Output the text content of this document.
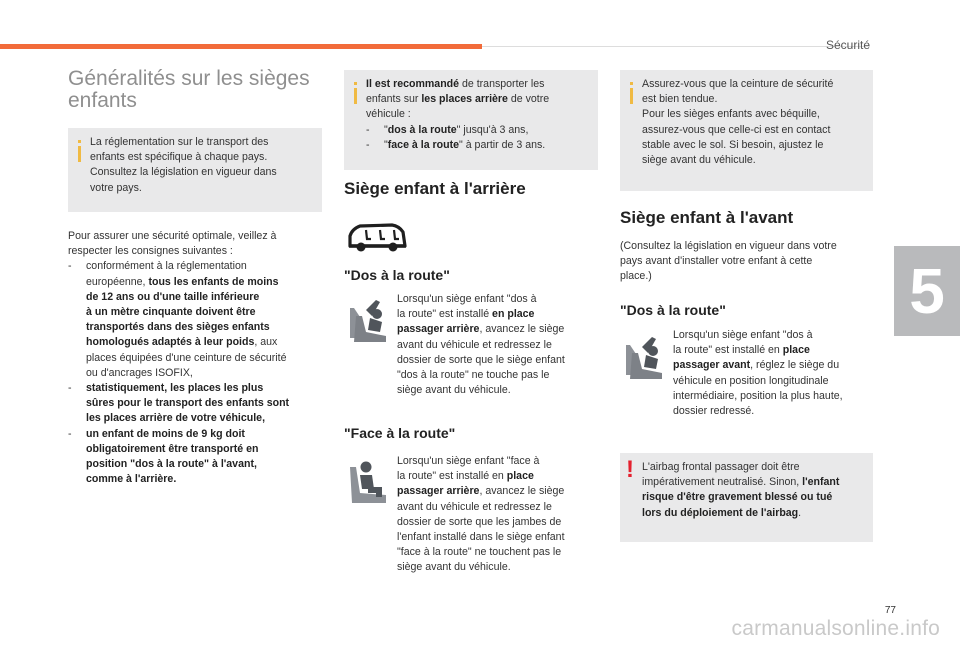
Sécurité
5
Généralités sur les sièges
enfants
La réglementation sur le transport des
enfants est spécifique à chaque pays.
Consultez la législation en vigueur dans
votre pays.
Pour assurer une sécurité optimale, veillez à
respecter les consignes suivantes :
- conformément à la réglementation
européenne, tous les enfants de moins
de 12 ans ou d'une taille inférieure
à un mètre cinquante doivent être
transportés dans des sièges enfants
homologués adaptés à leur poids, aux
places équipées d'une ceinture de sécurité
ou d'ancrages ISOFIX,
- statistiquement, les places les plus
sûres pour le transport des enfants sont
les places arrière de votre véhicule,
- un enfant de moins de 9 kg doit
obligatoirement être transporté en
position "dos à la route" à l'avant,
comme à l'arrière.
Il est recommandé de transporter les
enfants sur les places arrière de votre
véhicule :
- "dos à la route" jusqu'à 3 ans,
- "face à la route" à partir de 3 ans.
Siège enfant à l'arrière
"Dos à la route"
Lorsqu'un siège enfant "dos à
la route" est installé en place
passager arrière, avancez le siège
avant du véhicule et redressez le
dossier de sorte que le siège enfant
"dos à la route" ne touche pas le
siège avant du véhicule.
"Face à la route"
Lorsqu'un siège enfant "face à
la route" est installé en place
passager arrière, avancez le siège
avant du véhicule et redressez le
dossier de sorte que les jambes de
l'enfant installé dans le siège enfant
"face à la route" ne touchent pas le
siège avant du véhicule.
Assurez-vous que la ceinture de sécurité
est bien tendue.
Pour les sièges enfants avec béquille,
assurez-vous que celle-ci est en contact
stable avec le sol. Si besoin, ajustez le
siège avant du véhicule.
Siège enfant à l'avant
(Consultez la législation en vigueur dans votre
pays avant d'installer votre enfant à cette
place.)
"Dos à la route"
Lorsqu'un siège enfant "dos à
la route" est installé en place
passager avant, réglez le siège du
véhicule en position longitudinale
intermédiaire, position la plus haute,
dossier redressé.
! L'airbag frontal passager doit être
impérativement neutralisé. Sinon, l'enfant
risque d'être gravement blessé ou tué
lors du déploiement de l'airbag.
77
carmanualsonline.info
